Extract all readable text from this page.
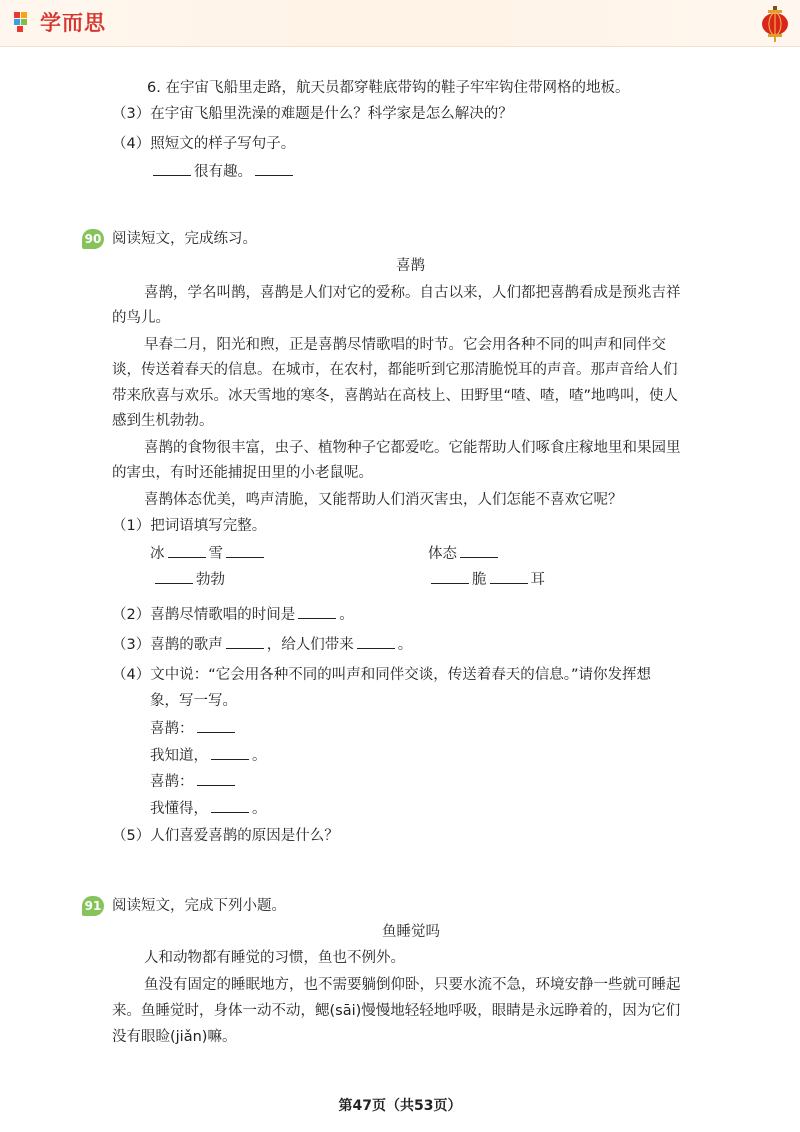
学而思
6. 在宇宙飞船里走路，航天员都穿鞋底带钩的鞋子牢牢钩住带网格的地板。
（3）在宇宙飞船里洗澡的难题是什么？科学家是怎么解决的？
（4）照短文的样子写句子。
很有趣。
90 阅读短文，完成练习。
喜鹊
喜鹊，学名叫鹊，喜鹊是人们对它的爱称。自古以来，人们都把喜鹊看成是预兆吉祥
的鸟儿。
早春二月，阳光和煦，正是喜鹊尽情歌唱的时节。它会用各种不同的叫声和同伴交
谈，传送着春天的信息。在城市，在农村，都能听到它那清脆悦耳的声音。那声音给人们
带来欣喜与欢乐。冰天雪地的寒冬，喜鹊站在高枝上、田野里“喳、喳，喳”地鸣叫，使人
感到生机勃勃。
喜鹊的食物很丰富，虫子、植物种子它都爱吃。它能帮助人们啄食庄稼地里和果园里
的害虫，有时还能捕捉田里的小老鼠呢。
喜鹊体态优美，鸣声清脆，又能帮助人们消灭害虫，人们怎能不喜欢它呢？
（1）把词语填写完整。
冰	雪	体态
勃勃	脆	耳
（2）喜鹊尽情歌唱的时间是	。
（3）喜鹊的歌声	，给人们带来	。
（4）文中说：“它会用各种不同的叫声和同伴交谈，传送着春天的信息。”请你发挥想
象，写一写。
喜鹊：
我知道，	。
喜鹊：
我懂得，	。
（5）人们喜爱喜鹊的原因是什么？
91 阅读短文，完成下列小题。
鱼睡觉吗
人和动物都有睡觉的习惯，鱼也不例外。
鱼没有固定的睡眠地方，也不需要躺倒仰卧，只要水流不急，环境安静一些就可睡起
来。鱼睡觉时，身体一动不动，鳃(sāi)慢慢地轻轻地呼吸，眼睛是永远睁着的，因为它们
没有眼睑(jiǎn)嘛。
第47页（共53页）
